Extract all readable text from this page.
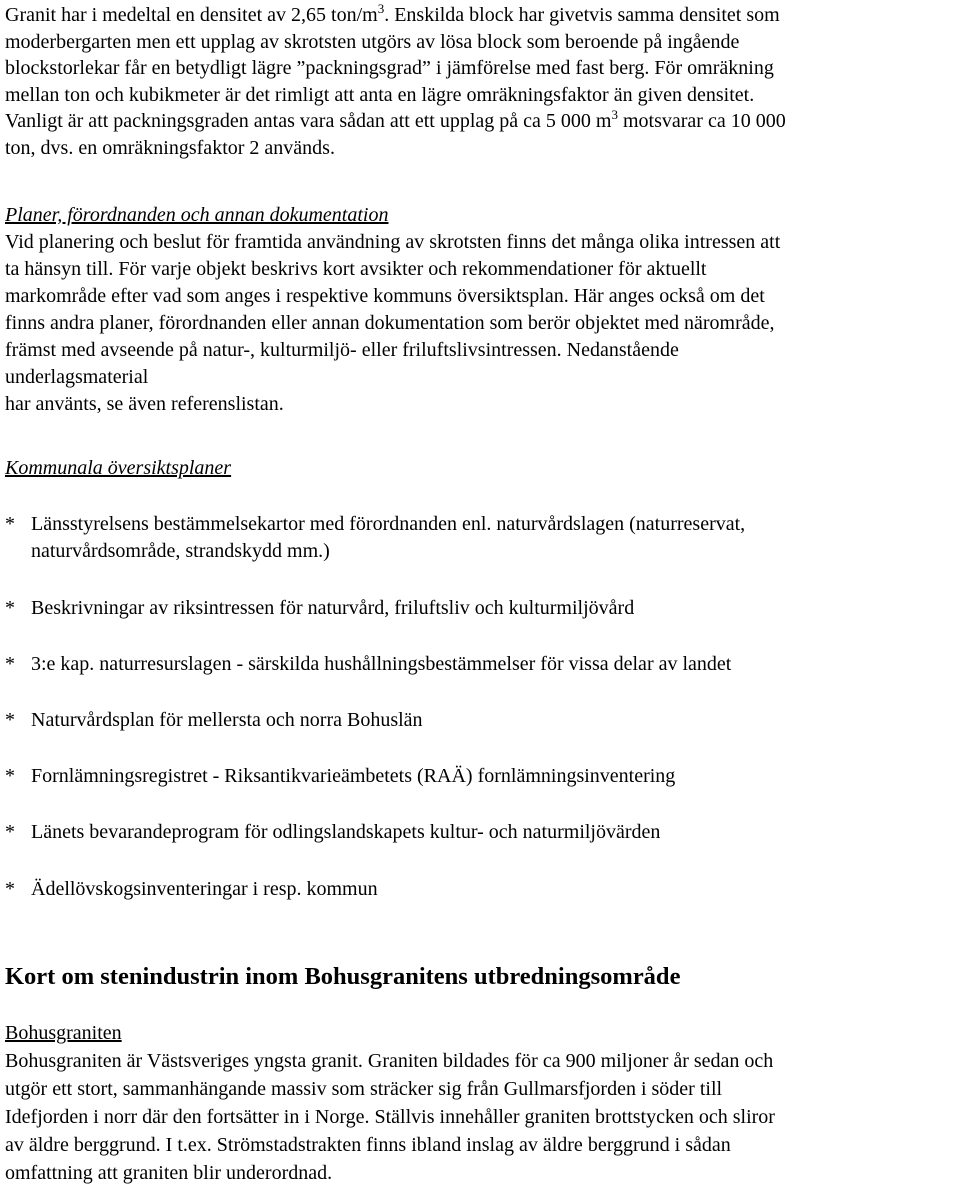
Granit har i medeltal en densitet av 2,65 ton/$m^3$. Enskilda block har givetvis samma densitet som
moderbergarten men ett upplag av skrotsten utgörs av lösa block som beroende på ingående
blockstorlekar får en betydligt lägre ”packningsgrad” i jämförelse med fast berg. För omräkning
mellan ton och kubikmeter är det rimligt att anta en lägre omräkningsfaktor än given densitet.
Vanligt är att packningsgraden antas vara sådan att ett upplag på ca 5 000 $m^3$ motsvarar ca 10 000
ton, dvs. en omräkningsfaktor 2 används.

Planer, förordnanden och annan dokumentation
Vid planering och beslut för framtida användning av skrotsten finns det många olika intressen att
ta hänsyn till. För varje objekt beskrivs kort avsikter och rekommendationer för aktuellt
markområde efter vad som anges i respektive kommuns översiktsplan. Här anges också om det
finns andra planer, förordnanden eller annan dokumentation som berör objektet med närområde,
främst med avseende på natur-, kulturmiljö- eller friluftslivsintressen. Nedanstående
underlagsmaterial
har använts, se även referenslistan.
Kommunala översiktsplaner
* Länsstyrelsens bestämmelsekartor med förordnanden enl. naturvårdslagen (naturreservat,
naturvårdsområde, strandskydd mm.)
* Beskrivningar av riksintressen för naturvård, friluftsliv och kulturmiljövård
* 3:e kap. naturresurslagen - särskilda hushållningsbestämmelser för vissa delar av landet
* Naturvårdsplan för mellersta och norra Bohuslän
* Fornlämningsregistret - Riksantikvarieämbetets (RAÄ) fornlämningsinventering
* Länets bevarandeprogram för odlingslandskapets kultur- och naturmiljövärden
* Ädellövskogsinventeringar i resp. kommun
Kort om stenindustrin inom Bohusgranitens utbredningsområde
Bohusgraniten
Bohusgraniten är Västsveriges yngsta granit. Graniten bildades för ca 900 miljoner år sedan och
utgör ett stort, sammanhängande massiv som sträcker sig från Gullmarsfjorden i söder till
Idefjorden i norr där den fortsätter in i Norge. Ställvis innehåller graniten brottstycken och sliror
av äldre berggrund. I t.ex. Strömstadstrakten finns ibland inslag av äldre berggrund i sådan
omfattning att graniten blir underordnad.
